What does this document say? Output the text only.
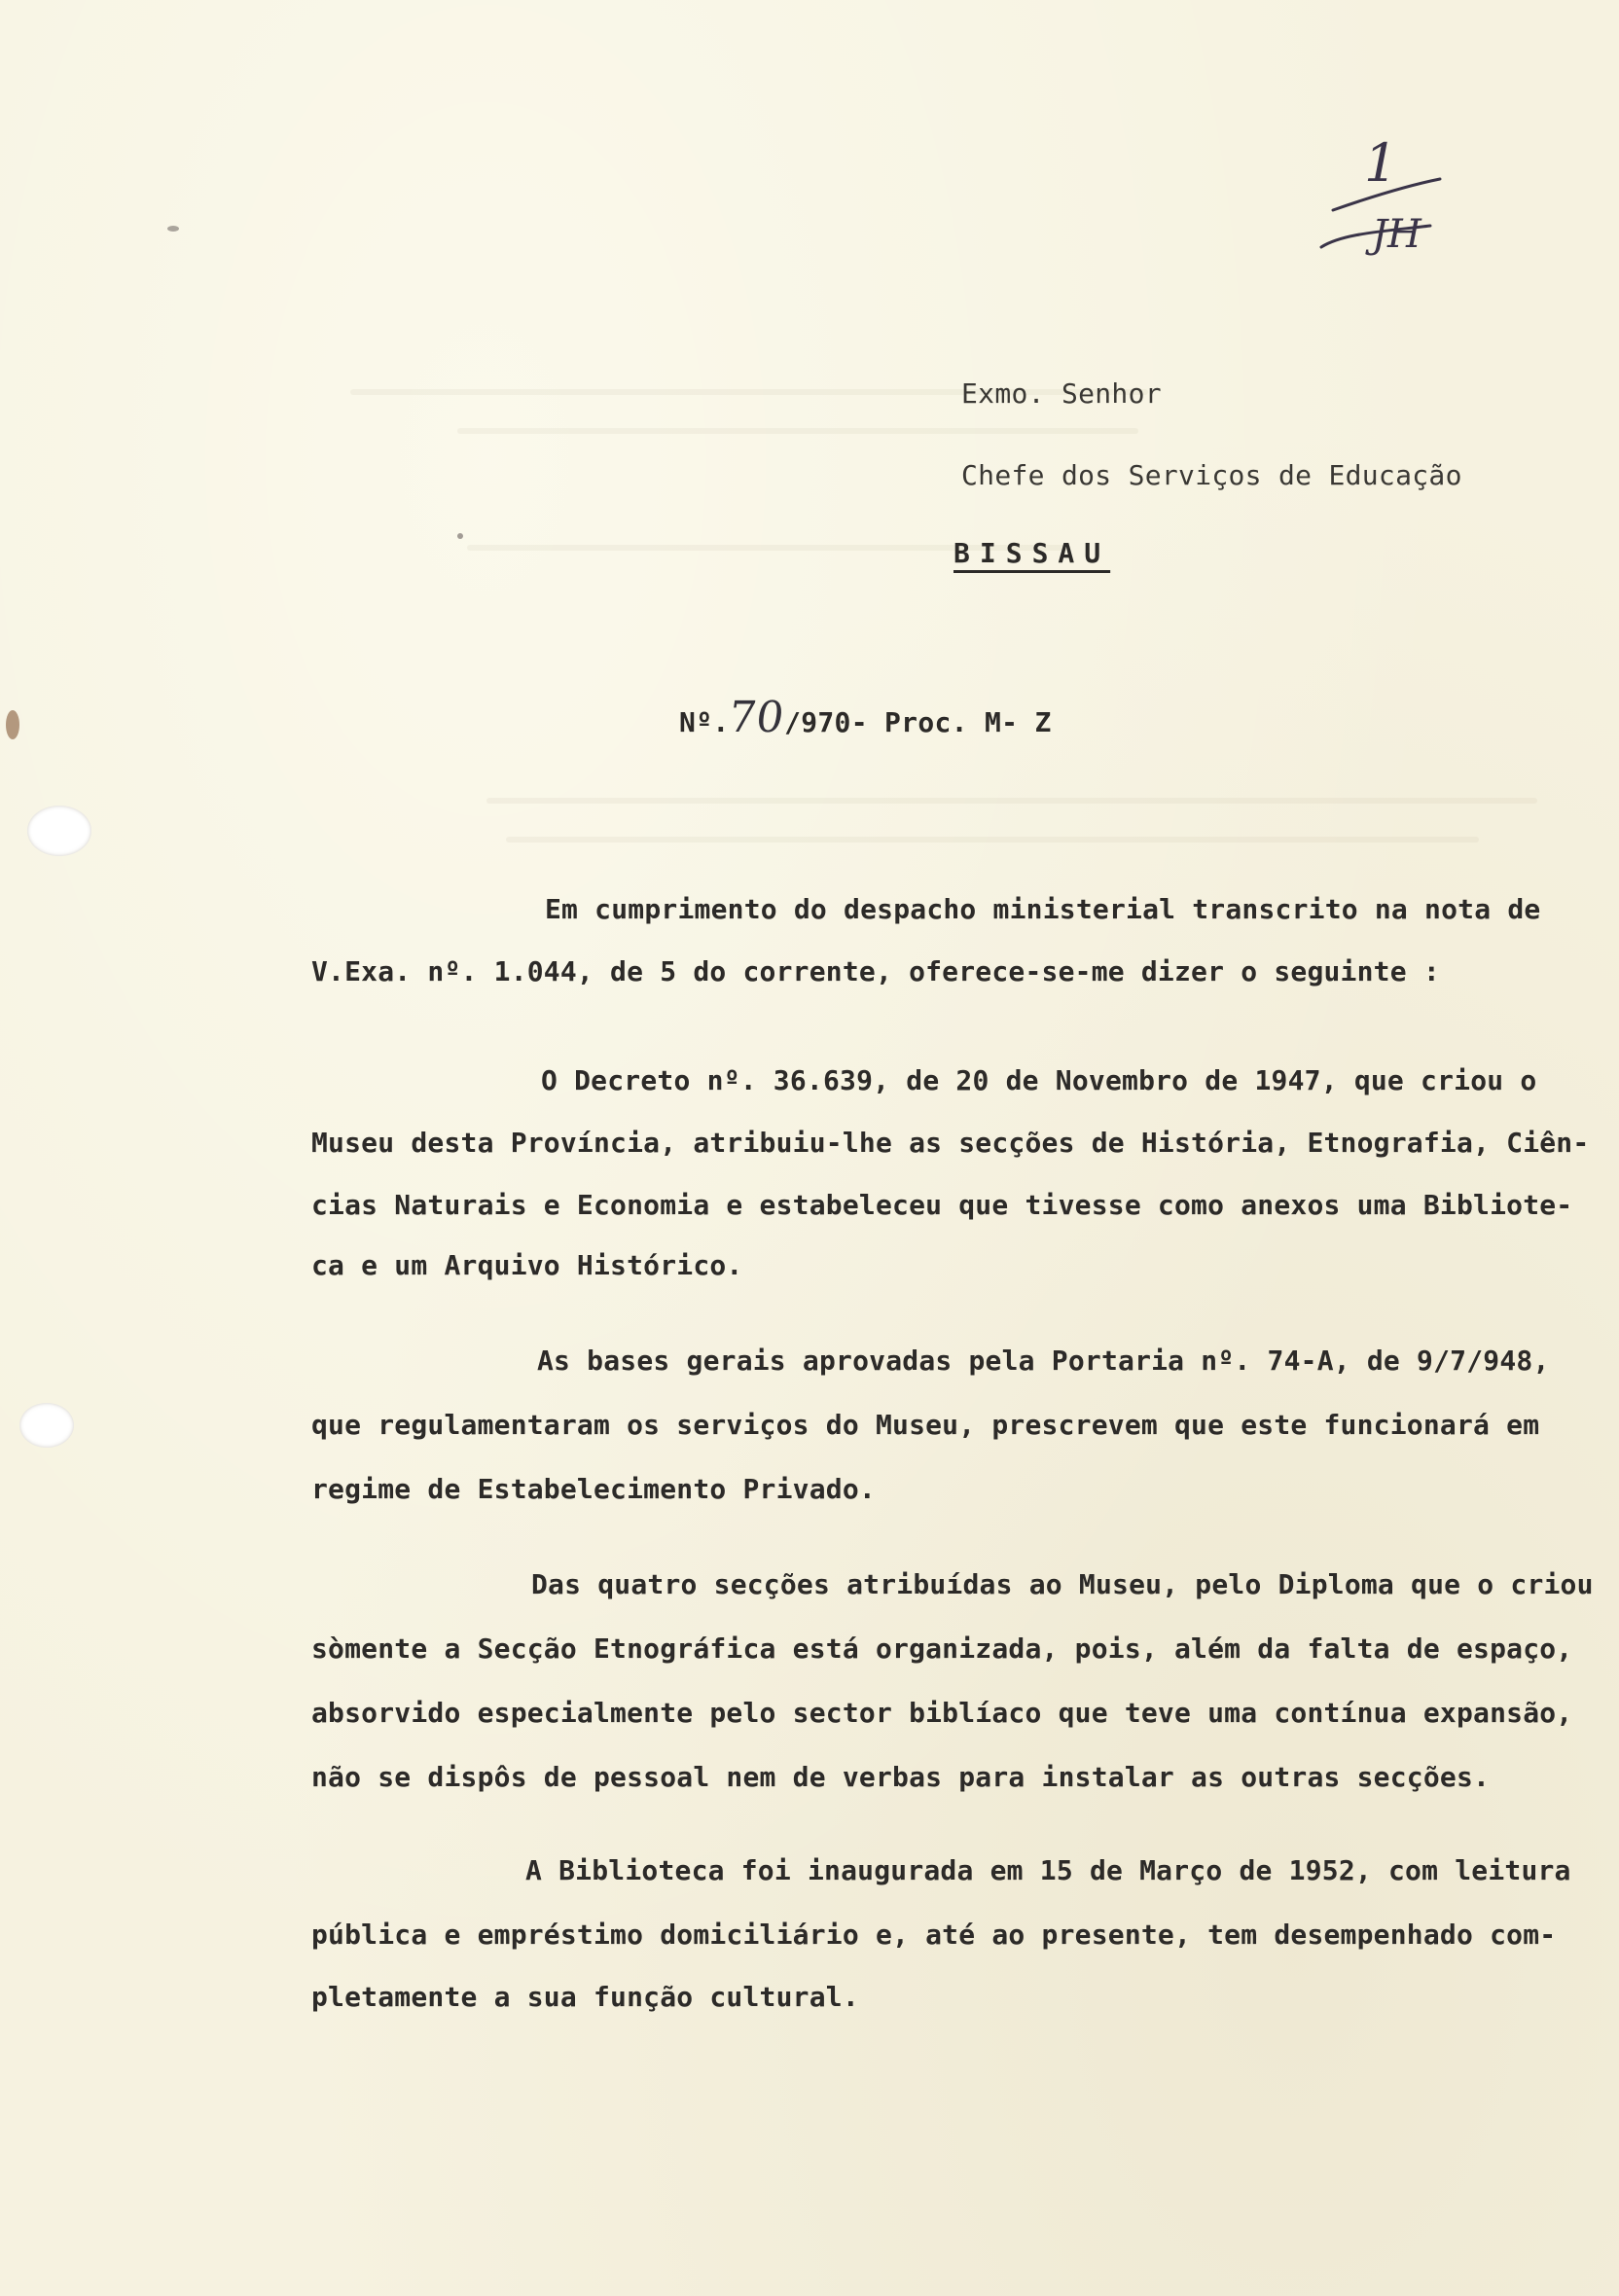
1
JH
Exmo. Senhor
Chefe dos Serviços de Educação
BISSAU
Nº.70/970- Proc. M- Z
Em cumprimento do despacho ministerial transcrito na nota de
V.Exa. nº. 1.044, de 5 do corrente, oferece-se-me dizer o seguinte :
O Decreto nº. 36.639, de 20 de Novembro de 1947, que criou o
Museu desta Província, atribuiu-lhe as secções de História, Etnografia, Ciên-
cias Naturais e Economia e estabeleceu que tivesse como anexos uma Bibliote-
ca e um Arquivo Histórico.
As bases gerais aprovadas pela Portaria nº. 74-A, de 9/7/948,
que regulamentaram os serviços do Museu, prescrevem que este funcionará em
regime de Estabelecimento Privado.
Das quatro secções atribuídas ao Museu, pelo Diploma que o criou
sòmente a Secção Etnográfica está organizada, pois, além da falta de espaço,
absorvido especialmente pelo sector biblíaco que teve uma contínua expansão,
não se dispôs de pessoal nem de verbas para instalar as outras secções.
A Biblioteca foi inaugurada em 15 de Março de 1952, com leitura
pública e empréstimo domiciliário e, até ao presente, tem desempenhado com-
pletamente a sua função cultural.
